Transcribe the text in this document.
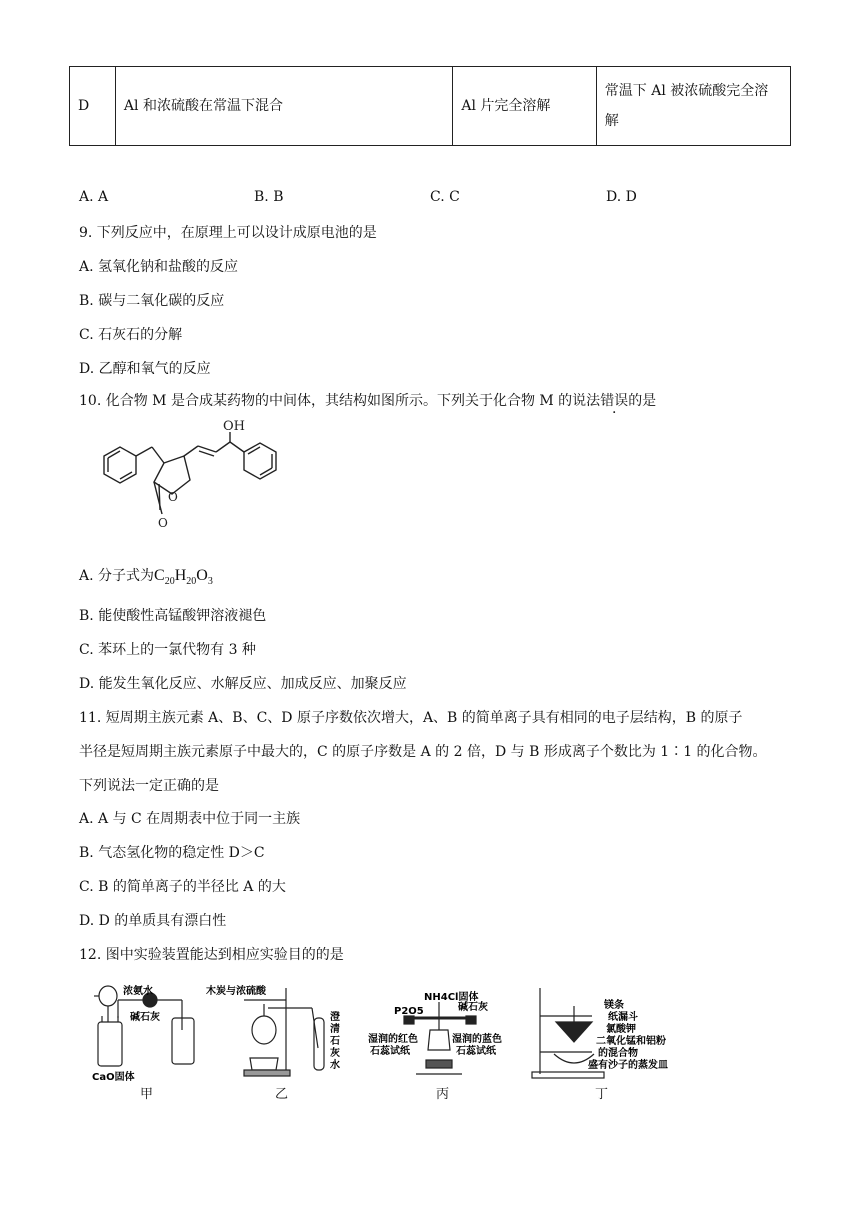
D	Al 和浓硫酸在常温下混合	Al 片完全溶解	常温下 Al 被浓硫酸完全溶解
A. A	B. B	C. C	D. D
9. 下列反应中，在原理上可以设计成原电池的是
A. 氢氧化钠和盐酸的反应
B. 碳与二氧化碳的反应
C. 石灰石的分解
D. 乙醇和氧气的反应
10. 化合物 M 是合成某药物的中间体，其结构如图所示。下列关于化合物 M 的说法错误的是
OH
O
O
A. 分子式为$C_{20}H_{20}O_3$
B. 能使酸性高锰酸钾溶液褪色
C. 苯环上的一氯代物有 3 种
D. 能发生氧化反应、水解反应、加成反应、加聚反应
11. 短周期主族元素 A、B、C、D 原子序数依次增大，A、B 的简单离子具有相同的电子层结构，B 的原子
半径是短周期主族元素原子中最大的，C 的原子序数是 A 的 2 倍，D 与 B 形成离子个数比为 1∶1 的化合物。
下列说法一定正确的是
A. A 与 C 在周期表中位于同一主族
B. 气态氢化物的稳定性 D＞C
C. B 的简单离子的半径比 A 的大
D. D 的单质具有漂白性
12. 图中实验装置能达到相应实验目的的是
浓氨水
碱石灰
CaO固体
木炭与浓硫酸
澄
清
石
灰
水
NH4Cl固体
P2O5	碱石灰
湿润的红色
石蕊试纸
湿润的蓝色
石蕊试纸
镁条
纸漏斗
氯酸钾
二氧化锰和铝粉
的混合物
盛有沙子的蒸发皿
甲	乙	丙	丁
